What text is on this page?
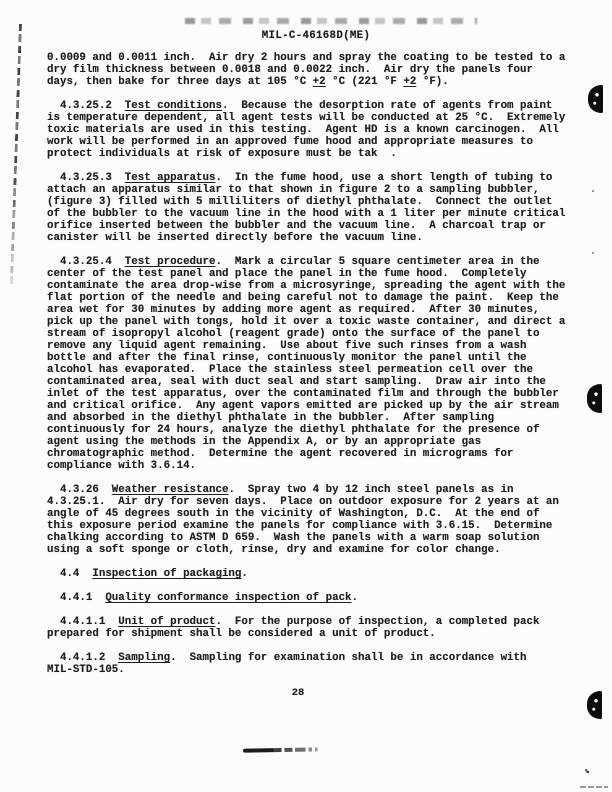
MIL-C-46168D(ME)
0.0009 and 0.0011 inch.  Air dry 2 hours and spray the coating to be tested to a
dry film thickness between 0.0018 and 0.0022 inch.  Air dry the panels four
days, then bake for three days at 105 °C +2 °C (221 °F +2 °F).
4.3.25.2  Test conditions.  Because the desorption rate of agents from paint
is temperature dependent, all agent tests will be conducted at 25 °C.  Extremely
toxic materials are used in this testing.  Agent HD is a known carcinogen.  All
work will be performed in an approved fume hood and appropriate measures to
protect individuals at risk of exposure must be tak  .
4.3.25.3  Test apparatus.  In the fume hood, use a short length of tubing to
attach an apparatus similar to that shown in figure 2 to a sampling bubbler,
(figure 3) filled with 5 milliliters of diethyl phthalate.  Connect the outlet
of the bubbler to the vacuum line in the hood with a 1 liter per minute critical
orifice inserted between the bubbler and the vacuum line.  A charcoal trap or
canister will be inserted directly before the vacuum line.
4.3.25.4  Test procedure.  Mark a circular 5 square centimeter area in the
center of the test panel and place the panel in the fume hood.  Completely
contaminate the area drop-wise from a microsyringe, spreading the agent with the
flat portion of the needle and being careful not to damage the paint.  Keep the
area wet for 30 minutes by adding more agent as required.  After 30 minutes,
pick up the panel with tongs, hold it over a toxic waste container, and direct a
stream of isopropyl alcohol (reagent grade) onto the surface of the panel to
remove any liquid agent remaining.  Use about five such rinses from a wash
bottle and after the final rinse, continuously monitor the panel until the
alcohol has evaporated.  Place the stainless steel permeation cell over the
contaminated area, seal with duct seal and start sampling.  Draw air into the
inlet of the test apparatus, over the contaminated film and through the bubbler
and critical orifice.  Any agent vapors emitted are picked up by the air stream
and absorbed in the diethyl phthalate in the bubbler.  After sampling
continuously for 24 hours, analyze the diethyl phthalate for the presence of
agent using the methods in the Appendix A, or by an appropriate gas
chromatographic method.  Determine the agent recovered in micrograms for
compliance with 3.6.14.
4.3.26  Weather resistance.  Spray two 4 by 12 inch steel panels as in
4.3.25.1.  Air dry for seven days.  Place on outdoor exposure for 2 years at an
angle of 45 degrees south in the vicinity of Washington, D.C.  At the end of
this exposure period examine the panels for compliance with 3.6.15.  Determine
chalking according to ASTM D 659.  Wash the panels with a warm soap solution
using a soft sponge or cloth, rinse, dry and examine for color change.
4.4  Inspection of packaging.
4.4.1  Quality conformance inspection of pack.
4.4.1.1  Unit of product.  For the purpose of inspection, a completed pack
prepared for shipment shall be considered a unit of product.
4.4.1.2  Sampling.  Sampling for examination shall be in accordance with
MIL-STD-105.
28
